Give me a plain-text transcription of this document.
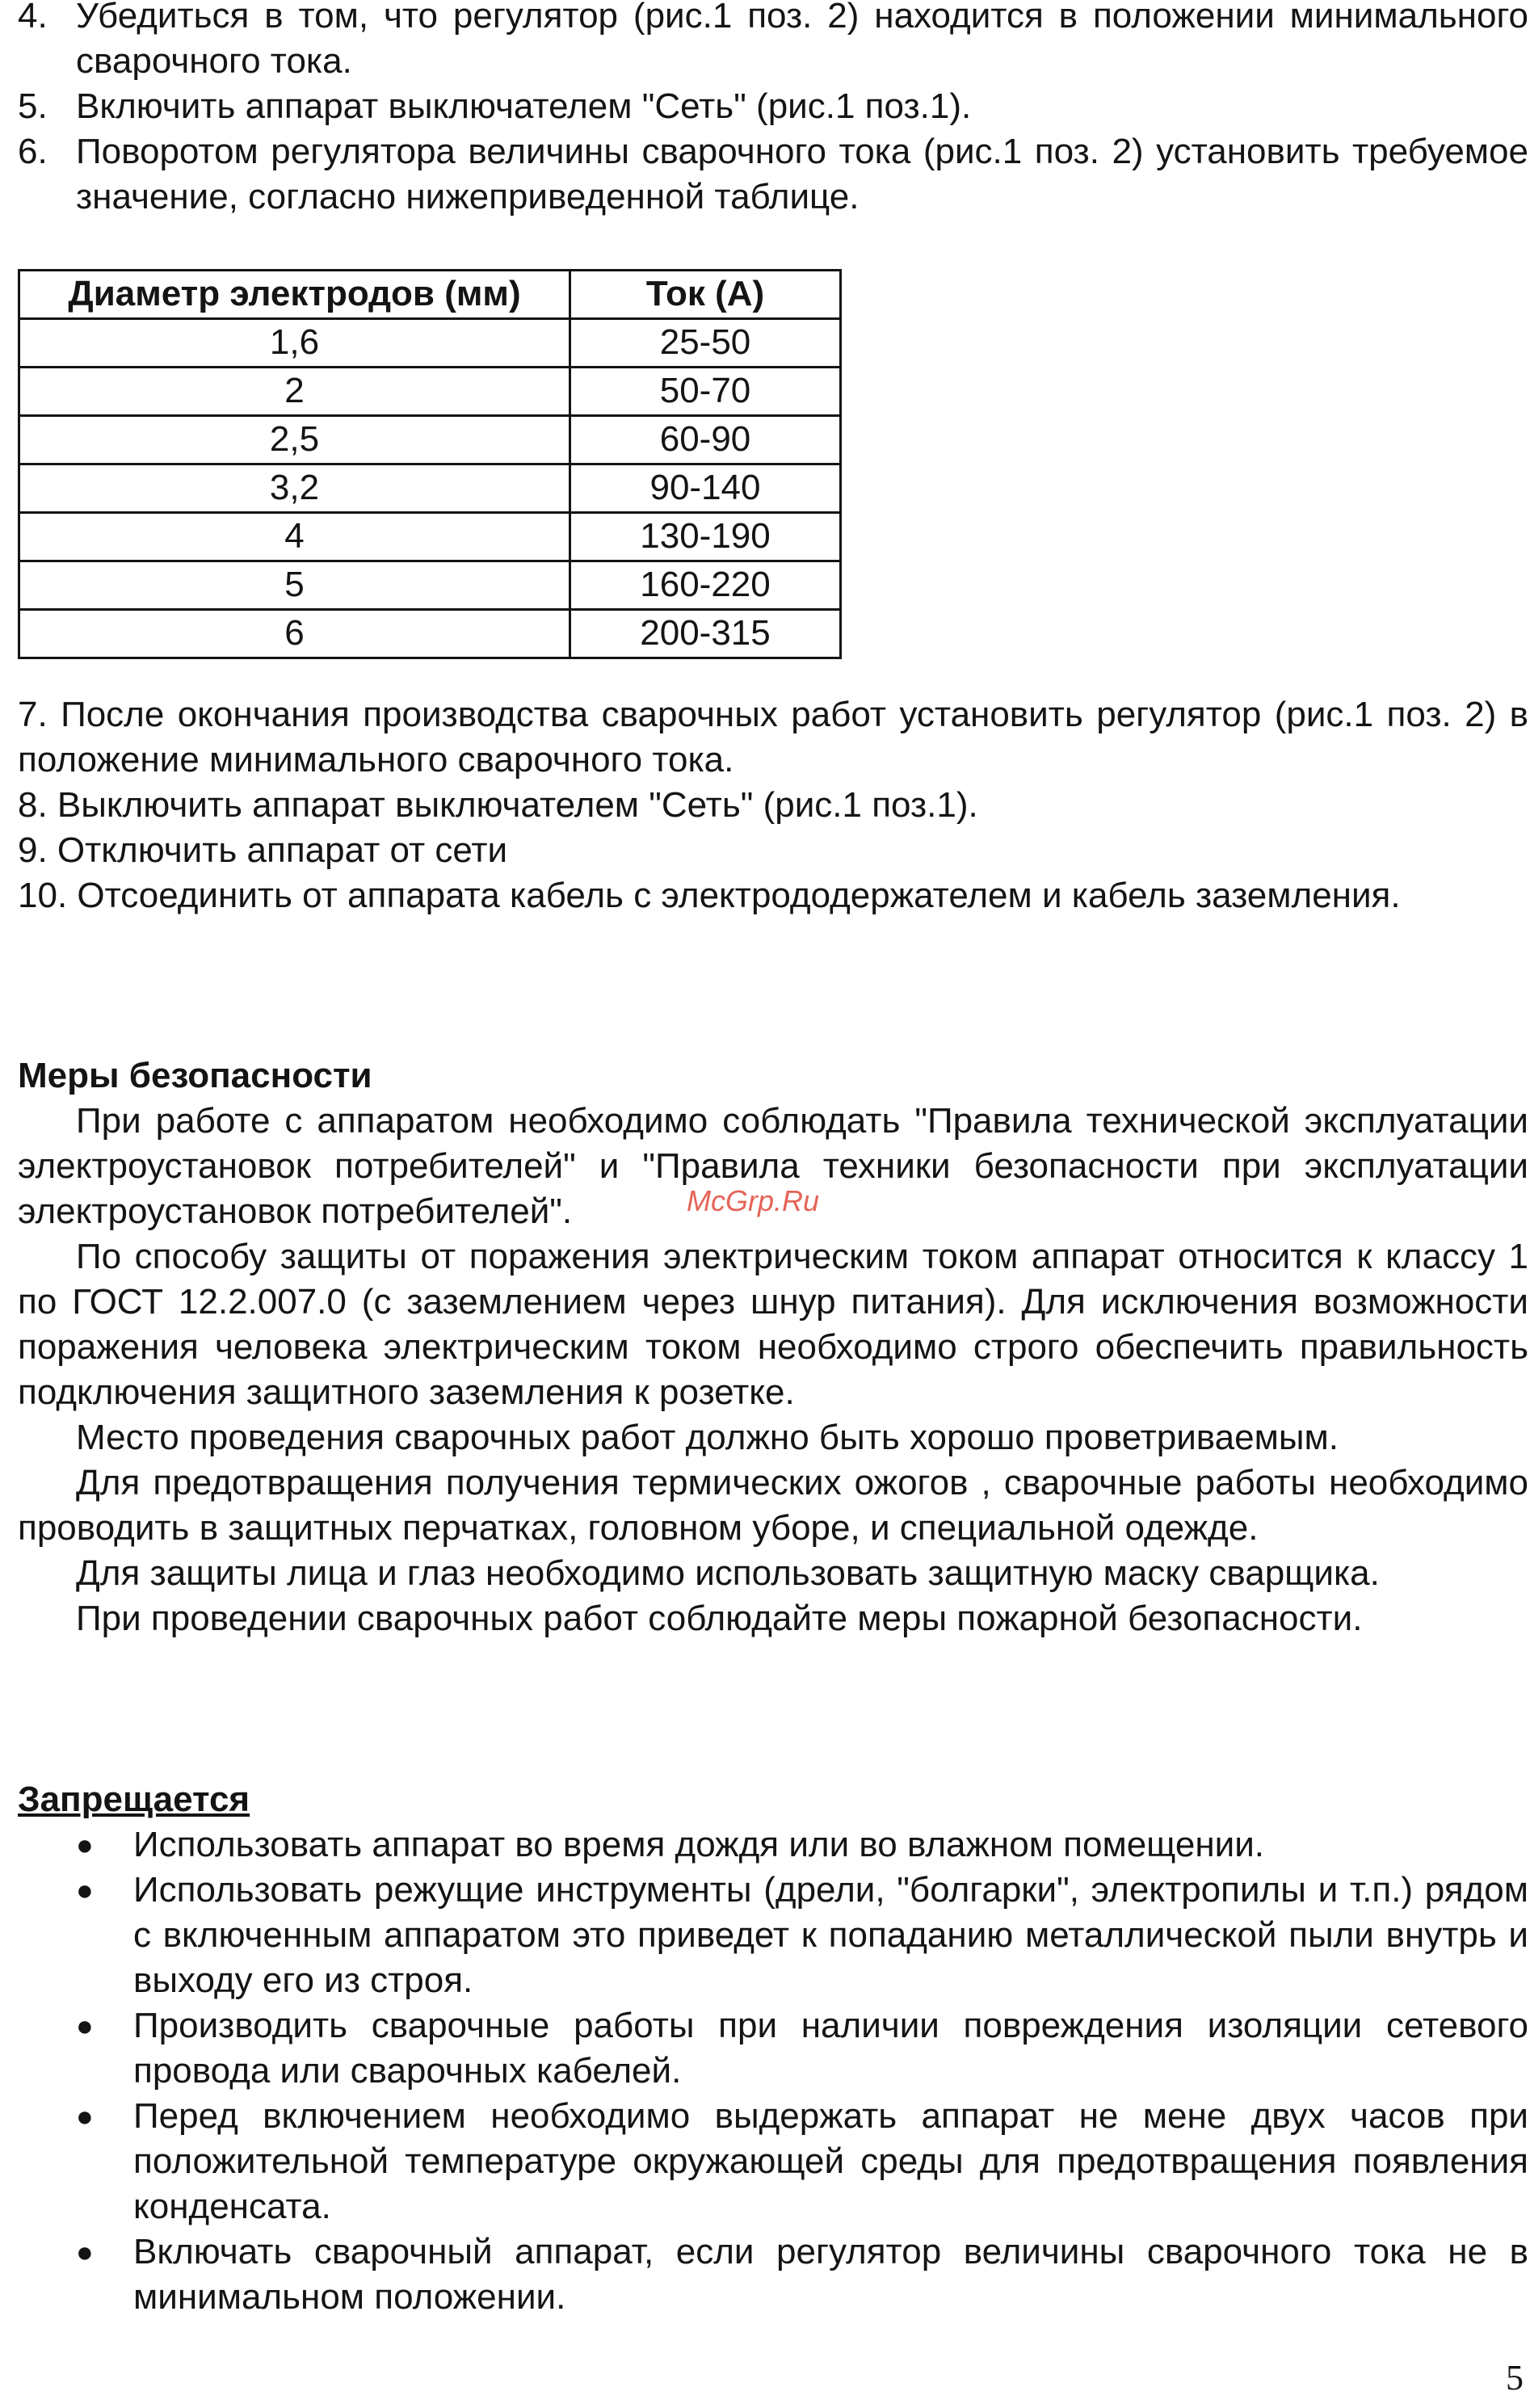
4. Убедиться в том, что регулятор (рис.1 поз. 2) находится в положении минимального сварочного тока.
5. Включить аппарат выключателем "Сеть" (рис.1 поз.1).
6. Поворотом регулятора величины сварочного тока (рис.1 поз. 2) установить требуемое значение, согласно нижеприведенной таблице.
Диаметр электродов (мм)	Ток (А)
1,6	25-50
2	50-70
2,5	60-90
3,2	90-140
4	130-190
5	160-220
6	200-315
7. После окончания производства сварочных работ установить регулятор (рис.1 поз. 2) в положение минимального сварочного тока.
8. Выключить аппарат выключателем "Сеть" (рис.1 поз.1).
9. Отключить аппарат от сети
10. Отсоединить от аппарата кабель с электрододержателем и кабель заземления.
Меры безопасности
При работе с аппаратом необходимо соблюдать "Правила технической эксплуатации электроустановок потребителей" и "Правила техники безопасности при эксплуатации электроустановок потребителей".
По способу защиты от поражения электрическим током аппарат относится к классу 1 по ГОСТ 12.2.007.0 (с заземлением через шнур питания). Для исключения возможности поражения человека электрическим током необходимо строго обеспечить правильность подключения защитного заземления к розетке.
Место проведения сварочных работ должно быть хорошо проветриваемым.
Для предотвращения получения термических ожогов , сварочные работы необходимо проводить в защитных перчатках, головном уборе, и специальной одежде.
Для защиты лица и глаз необходимо использовать защитную маску сварщика.
При проведении сварочных работ соблюдайте меры пожарной безопасности.
Запрещается
●	Использовать аппарат во время дождя или во влажном помещении.
●	Использовать режущие инструменты (дрели, "болгарки", электропилы и т.п.) рядом с включенным аппаратом это приведет к попаданию металлической пыли внутрь и выходу его из строя.
●	Производить сварочные работы при наличии повреждения изоляции сетевого провода или сварочных кабелей.
●	Перед включением необходимо выдержать аппарат не мене двух часов при положительной температуре окружающей среды для предотвращения появления конденсата.
●	Включать сварочный аппарат, если регулятор величины сварочного тока не в минимальном положении.
McGrp.Ru
5
